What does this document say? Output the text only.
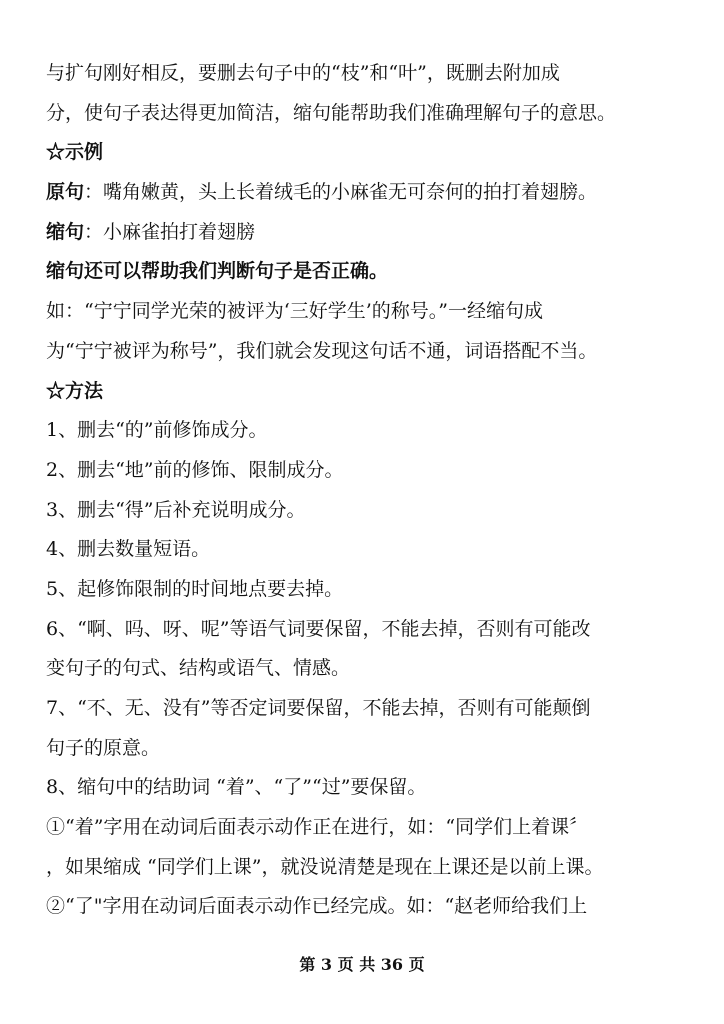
与扩句刚好相反，要删去句子中的“枝”和“叶”，既删去附加成
分，使句子表达得更加简洁，缩句能帮助我们准确理解句子的意思。
☆示例
原句：嘴角嫩黄，头上长着绒毛的小麻雀无可奈何的拍打着翅膀。
缩句：小麻雀拍打着翅膀
缩句还可以帮助我们判断句子是否正确。
如：“宁宁同学光荣的被评为‘三好学生’的称号。”一经缩句成
为“宁宁被评为称号”，我们就会发现这句话不通，词语搭配不当。
☆方法
1、删去“的”前修饰成分。
2、删去“地”前的修饰、限制成分。
3、删去“得”后补充说明成分。
4、删去数量短语。
5、起修饰限制的时间地点要去掉。
6、“啊、吗、呀、呢”等语气词要保留，不能去掉，否则有可能改
变句子的句式、结构或语气、情感。
7、“不、无、没有”等否定词要保留，不能去掉，否则有可能颠倒
句子的原意。
8、缩句中的结助词 “着”、“了”“过”要保留。
①“着”字用在动词后面表示动作正在进行，如：“同学们上着课〞
，如果缩成 “同学们上课”，就没说清楚是现在上课还是以前上课。
②“了"字用在动词后面表示动作已经完成。如：“赵老师给我们上
第 3 页 共 36 页
